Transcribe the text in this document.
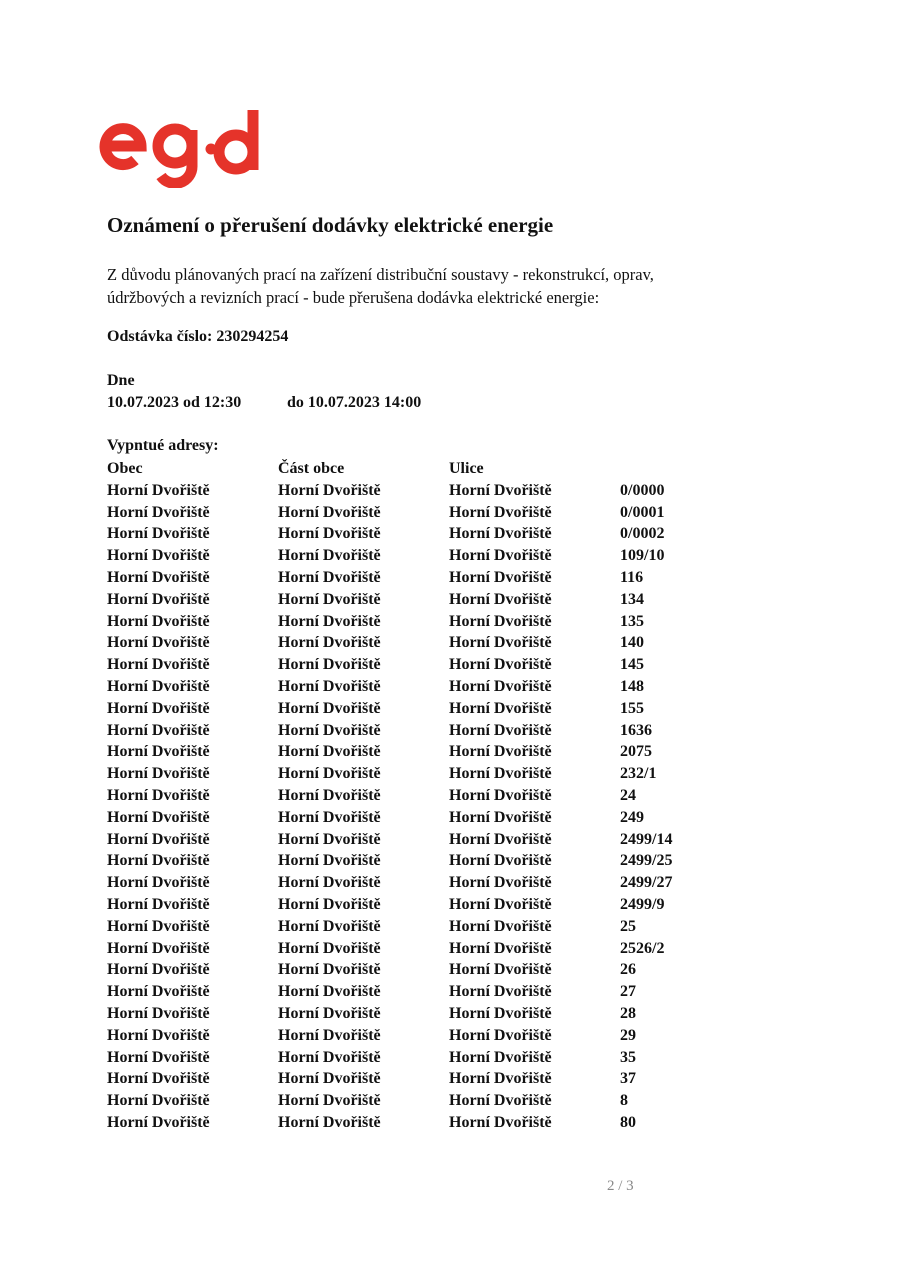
Oznámení o přerušení dodávky elektrické energie
Z důvodu plánovaných prací na zařízení distribuční soustavy - rekonstrukcí, oprav,
údržbových a revizních prací - bude přerušena dodávka elektrické energie:
Odstávka číslo: 230294254
Dne
10.07.2023 od 12:30	do 10.07.2023 14:00
Vypntué adresy:
Obec	Část obce	Ulice
Horní Dvořiště	Horní Dvořiště	Horní Dvořiště	0/0000
Horní Dvořiště	Horní Dvořiště	Horní Dvořiště	0/0001
Horní Dvořiště	Horní Dvořiště	Horní Dvořiště	0/0002
Horní Dvořiště	Horní Dvořiště	Horní Dvořiště	109/10
Horní Dvořiště	Horní Dvořiště	Horní Dvořiště	116
Horní Dvořiště	Horní Dvořiště	Horní Dvořiště	134
Horní Dvořiště	Horní Dvořiště	Horní Dvořiště	135
Horní Dvořiště	Horní Dvořiště	Horní Dvořiště	140
Horní Dvořiště	Horní Dvořiště	Horní Dvořiště	145
Horní Dvořiště	Horní Dvořiště	Horní Dvořiště	148
Horní Dvořiště	Horní Dvořiště	Horní Dvořiště	155
Horní Dvořiště	Horní Dvořiště	Horní Dvořiště	1636
Horní Dvořiště	Horní Dvořiště	Horní Dvořiště	2075
Horní Dvořiště	Horní Dvořiště	Horní Dvořiště	232/1
Horní Dvořiště	Horní Dvořiště	Horní Dvořiště	24
Horní Dvořiště	Horní Dvořiště	Horní Dvořiště	249
Horní Dvořiště	Horní Dvořiště	Horní Dvořiště	2499/14
Horní Dvořiště	Horní Dvořiště	Horní Dvořiště	2499/25
Horní Dvořiště	Horní Dvořiště	Horní Dvořiště	2499/27
Horní Dvořiště	Horní Dvořiště	Horní Dvořiště	2499/9
Horní Dvořiště	Horní Dvořiště	Horní Dvořiště	25
Horní Dvořiště	Horní Dvořiště	Horní Dvořiště	2526/2
Horní Dvořiště	Horní Dvořiště	Horní Dvořiště	26
Horní Dvořiště	Horní Dvořiště	Horní Dvořiště	27
Horní Dvořiště	Horní Dvořiště	Horní Dvořiště	28
Horní Dvořiště	Horní Dvořiště	Horní Dvořiště	29
Horní Dvořiště	Horní Dvořiště	Horní Dvořiště	35
Horní Dvořiště	Horní Dvořiště	Horní Dvořiště	37
Horní Dvořiště	Horní Dvořiště	Horní Dvořiště	8
Horní Dvořiště	Horní Dvořiště	Horní Dvořiště	80
2 / 3
